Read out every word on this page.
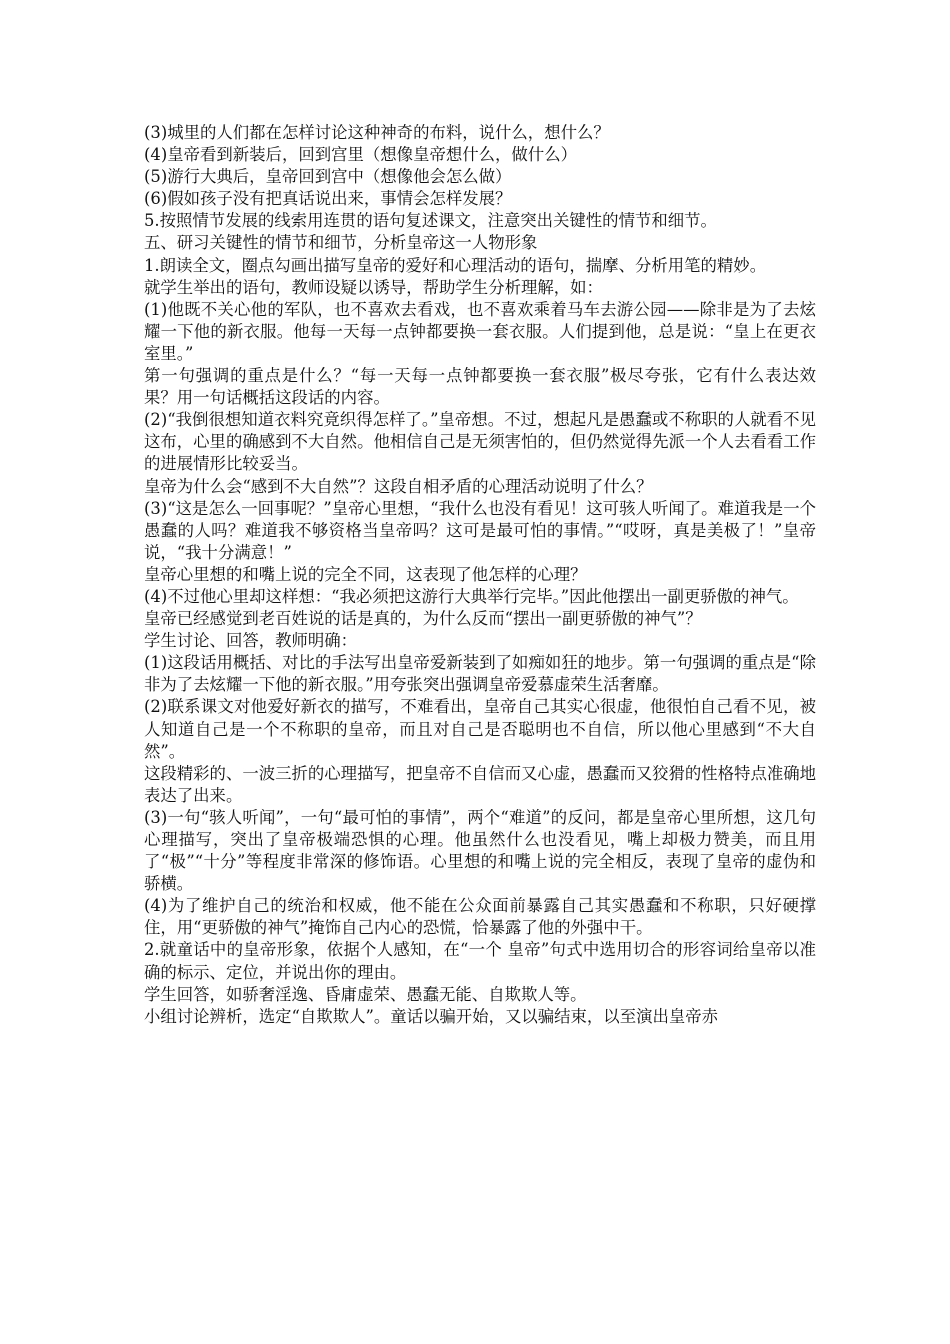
(3)城里的人们都在怎样讨论这种神奇的布料，说什么，想什么？

(4)皇帝看到新装后，回到宫里（想像皇帝想什么，做什么）

(5)游行大典后，皇帝回到宫中（想像他会怎么做）

(6)假如孩子没有把真话说出来，事情会怎样发展？

5.按照情节发展的线索用连贯的语句复述课文，注意突出关键性的情节和细节。

五、研习关键性的情节和细节，分析皇帝这一人物形象

1.朗读全文，圈点勾画出描写皇帝的爱好和心理活动的语句，揣摩、分析用笔的精妙。

就学生举出的语句，教师设疑以诱导，帮助学生分析理解，如：

(1)他既不关心他的军队，也不喜欢去看戏，也不喜欢乘着马车去游公园——除非是为了去炫耀一下他的新衣服。他每一天每一点钟都要换一套衣服。人们提到他，总是说：“皇上在更衣室里。”

第一句强调的重点是什么？“每一天每一点钟都要换一套衣服”极尽夸张，它有什么表达效果？用一句话概括这段话的内容。

(2)“我倒很想知道衣料究竟织得怎样了。”皇帝想。不过，想起凡是愚蠢或不称职的人就看不见这布，心里的确感到不大自然。他相信自己是无须害怕的，但仍然觉得先派一个人去看看工作的进展情形比较妥当。

皇帝为什么会“感到不大自然”？这段自相矛盾的心理活动说明了什么？

(3)“这是怎么一回事呢？”皇帝心里想，“我什么也没有看见！这可骇人听闻了。难道我是一个愚蠢的人吗？难道我不够资格当皇帝吗？这可是最可怕的事情。”“哎呀，真是美极了！”皇帝说，“我十分满意！”

皇帝心里想的和嘴上说的完全不同，这表现了他怎样的心理？

(4)不过他心里却这样想：“我必须把这游行大典举行完毕。”因此他摆出一副更骄傲的神气。

皇帝已经感觉到老百姓说的话是真的，为什么反而“摆出一副更骄傲的神气”？

学生讨论、回答，教师明确：

(1)这段话用概括、对比的手法写出皇帝爱新装到了如痴如狂的地步。第一句强调的重点是“除非为了去炫耀一下他的新衣服。”用夸张突出强调皇帝爱慕虚荣生活奢靡。

(2)联系课文对他爱好新衣的描写，不难看出，皇帝自己其实心很虚，他很怕自己看不见，被人知道自己是一个不称职的皇帝，而且对自己是否聪明也不自信，所以他心里感到“不大自然”。

这段精彩的、一波三折的心理描写，把皇帝不自信而又心虚，愚蠢而又狡猾的性格特点准确地表达了出来。

(3)一句“骇人听闻”，一句“最可怕的事情”，两个“难道”的反问，都是皇帝心里所想，这几句心理描写，突出了皇帝极端恐惧的心理。他虽然什么也没看见，嘴上却极力赞美，而且用了“极”“十分”等程度非常深的修饰语。心里想的和嘴上说的完全相反，表现了皇帝的虚伪和骄横。

(4)为了维护自己的统治和权威，他不能在公众面前暴露自己其实愚蠢和不称职，只好硬撑住，用“更骄傲的神气”掩饰自己内心的恐慌，恰暴露了他的外强中干。

2.就童话中的皇帝形象，依据个人感知，在“一个 皇帝”句式中选用切合的形容词给皇帝以准确的标示、定位，并说出你的理由。

学生回答，如骄奢淫逸、昏庸虚荣、愚蠢无能、自欺欺人等。

小组讨论辨析，选定“自欺欺人”。童话以骗开始，又以骗结束，以至演出皇帝赤
